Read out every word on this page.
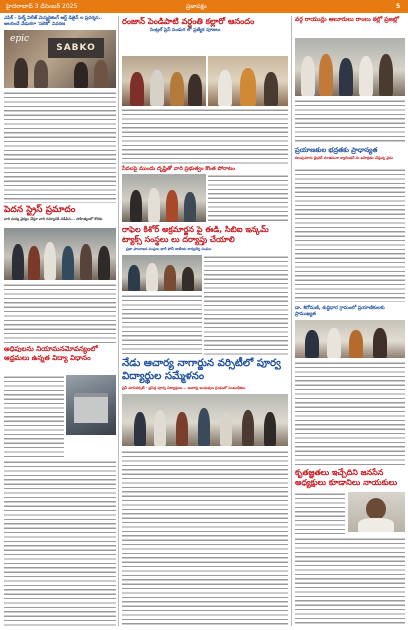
హైదరాబాద్ 3 డిసెంబర్ 2025	ప్రజాపక్షం	5
ఎపిక్ - ఫిల్మ్ విలేజ్ మెస్మరైజింగ్ ఆర్ట్ డిజైన్ ల ప్రదర్శన.. ఆలరించే వేడుకగా 'సబెకో' వివరణ
epic
SABKO
పెదన స్ట్రెస్ ప్రమాదం
వారి మద్య వైద్యం చేస్తూ వారి గమ్యానికి నడిపిన... సాహిత్యంలో కొరకు
అధిపులను నియామనమోవన్యంలో ఆధ్రమలు ఉన్నత విద్యా విధానం
రంజాన్ పెండిపాటి వర్ధంతి కల్లారో ఆనందం
సెంట్రల్ ప్రెస్ పండుగ లో ప్రత్యేక పూజలు
సేవలపై ముందు దృష్టితో వారి ప్రభుత్వం కొంత పోరాటం
రాఫెల కిశోర్ అక్రమార్జన పై ఈడి, సిబిఐ ఇన్కమ్ ట్యాక్స్ సంస్థలు లు దర్యాప్తు చేయాలి
ప్రజా ఫాలూజన సంస్థలు భారీ ఫోస్ జాతీయ కార్యదర్శి సంఘం
నేడు ఆచార్య నాగార్జున వర్సిటీలో పూర్వ విద్యార్థుల సమ్మేళనం
ప్రెస్ మానివర్సిటీ - ప్రసిద్ధ పూర్వ విద్యార్థులు... ఆచార్య బంధువుల గ్రంథంలో సంబంధీకలు
వర్గ రాయున్లు ఆలూరులు రాంలు కల్లో ప్రజల్లో
ప్రయాణకుల భద్రతకు ప్రాధాన్యత
కలుపుమారు డ్రైవర్ నూతనంగా క్యాలెండర్ ను బహిర్గతం చేస్తున్న వైనం
డా. శిరోమణి, శుద్దిధార గ్రామంలో ప్రయాణికులకు ప్రాముఖ్యత
కృతజ్ఞతలు ఇచ్చేదిని జనసేన అధ్యక్షులు కూడానిలు నాయకులు
